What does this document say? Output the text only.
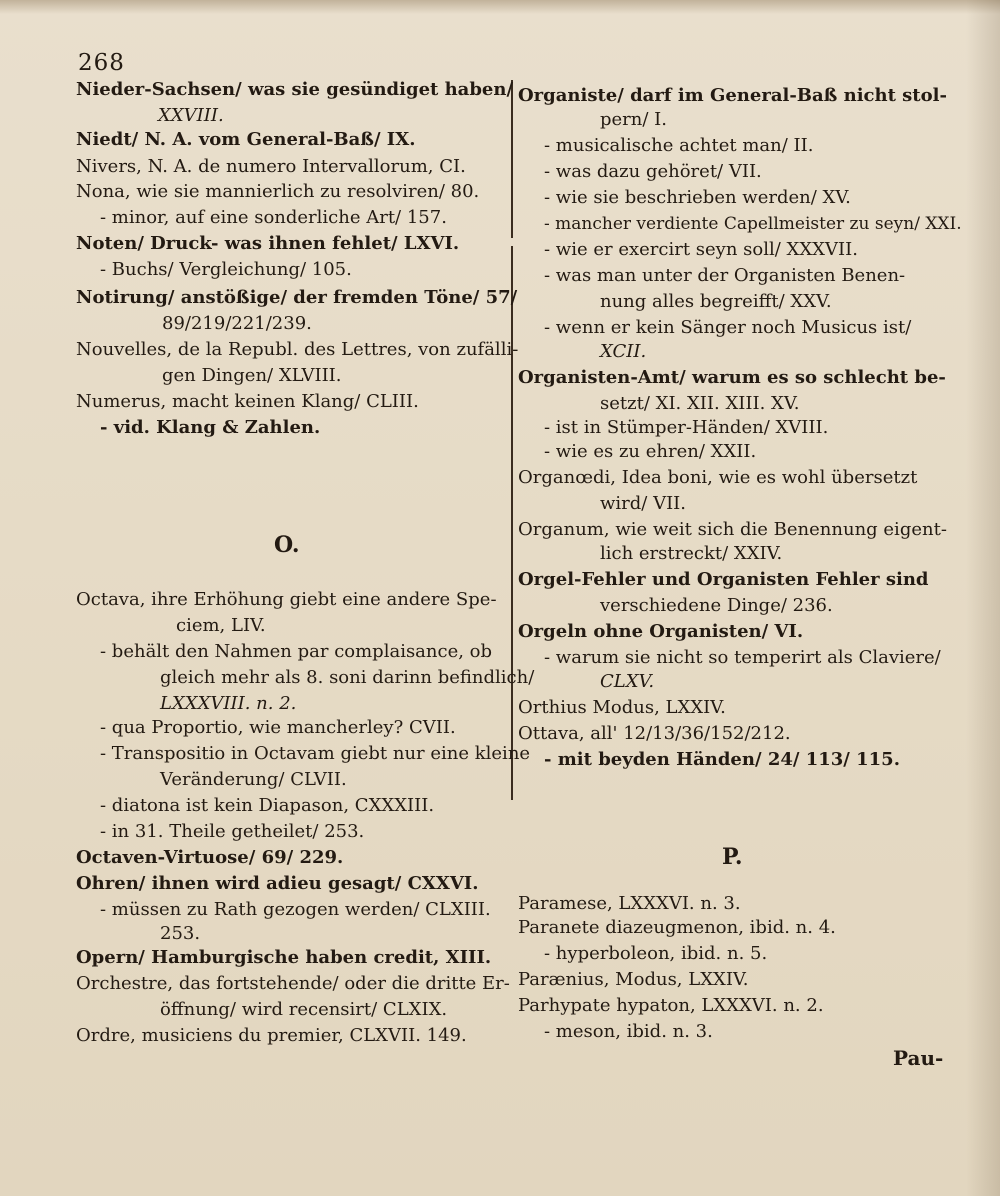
268
Nieder-Sachsen/ was sie gesündiget haben/
XXVIII.
Niedt/ N. A. vom General-Baß/ IX.
Nivers, N. A. de numero Intervallorum, CI.
Nona, wie sie mannierlich zu resolviren/ 80.
- minor, auf eine sonderliche Art/ 157.
Noten/ Druck- was ihnen fehlet/ LXVI.
- Buchs/ Vergleichung/ 105.
Notirung/ anstößige/ der fremden Töne/ 57/
89/219/221/239.
Nouvelles, de la Republ. des Lettres, von zufälli-
gen Dingen/ XLVIII.
Numerus, macht keinen Klang/ CLIII.
- vid. Klang & Zahlen.
O.
Octava, ihre Erhöhung giebt eine andere Spe-
ciem, LIV.
- behält den Nahmen par complaisance, ob
gleich mehr als 8. soni darinn befindlich/
LXXXVIII. n. 2.
- qua Proportio, wie mancherley? CVII.
- Transpositio in Octavam giebt nur eine kleine
Veränderung/ CLVII.
- diatona ist kein Diapason, CXXXIII.
- in 31. Theile getheilet/ 253.
Octaven-Virtuose/ 69/ 229.
Ohren/ ihnen wird adieu gesagt/ CXXVI.
- müssen zu Rath gezogen werden/ CLXIII.
253.
Opern/ Hamburgische haben credit, XIII.
Orchestre, das fortstehende/ oder die dritte Er-
öffnung/ wird recensirt/ CLXIX.
Ordre, musiciens du premier, CLXVII. 149.
Organiste/ darf im General-Baß nicht stol-
pern/ I.
- musicalische achtet man/ II.
- was dazu gehöret/ VII.
- wie sie beschrieben werden/ XV.
- mancher verdiente Capellmeister zu seyn/ XXI.
- wie er exercirt seyn soll/ XXXVII.
- was man unter der Organisten Benen-
nung alles begreifft/ XXV.
- wenn er kein Sänger noch Musicus ist/
XCII.
Organisten-Amt/ warum es so schlecht be-
setzt/ XI. XII. XIII. XV.
- ist in Stümper-Händen/ XVIII.
- wie es zu ehren/ XXII.
Organœdi, Idea boni, wie es wohl übersetzt
wird/ VII.
Organum, wie weit sich die Benennung eigent-
lich erstreckt/ XXIV.
Orgel-Fehler und Organisten Fehler sind
verschiedene Dinge/ 236.
Orgeln ohne Organisten/ VI.
- warum sie nicht so temperirt als Claviere/
CLXV.
Orthius Modus, LXXIV.
Ottava, all' 12/13/36/152/212.
- mit beyden Händen/ 24/ 113/ 115.
P.
Paramese, LXXXVI. n. 3.
Paranete diazeugmenon, ibid. n. 4.
- hyperboleon, ibid. n. 5.
Parænius, Modus, LXXIV.
Parhypate hypaton, LXXXVI. n. 2.
- meson, ibid. n. 3.
Pau-
